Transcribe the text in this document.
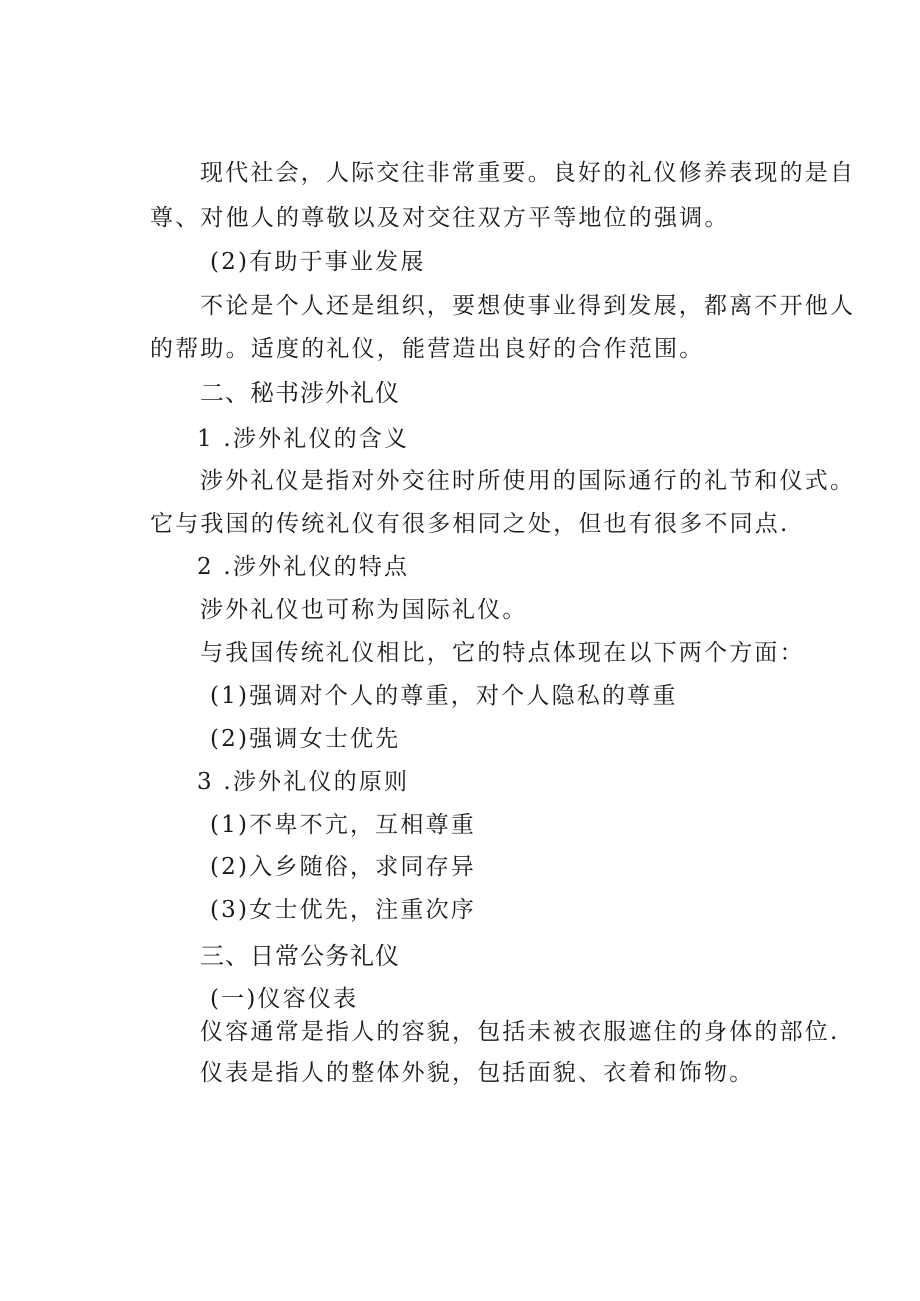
现代社会，人际交往非常重要。良好的礼仪修养表现的是自
尊、对他人的尊敬以及对交往双方平等地位的强调。
(2)有助于事业发展
不论是个人还是组织，要想使事业得到发展，都离不开他人
的帮助。适度的礼仪，能营造出良好的合作范围。
二、秘书涉外礼仪
1 .涉外礼仪的含义
涉外礼仪是指对外交往时所使用的国际通行的礼节和仪式。
它与我国的传统礼仪有很多相同之处，但也有很多不同点.
2 .涉外礼仪的特点
涉外礼仪也可称为国际礼仪。
与我国传统礼仪相比，它的特点体现在以下两个方面：
(1)强调对个人的尊重，对个人隐私的尊重
(2)强调女士优先
3 .涉外礼仪的原则
(1)不卑不亢，互相尊重
(2)入乡随俗，求同存异
(3)女士优先，注重次序
三、日常公务礼仪
(一)仪容仪表
仪容通常是指人的容貌，包括未被衣服遮住的身体的部位.
仪表是指人的整体外貌，包括面貌、衣着和饰物。
